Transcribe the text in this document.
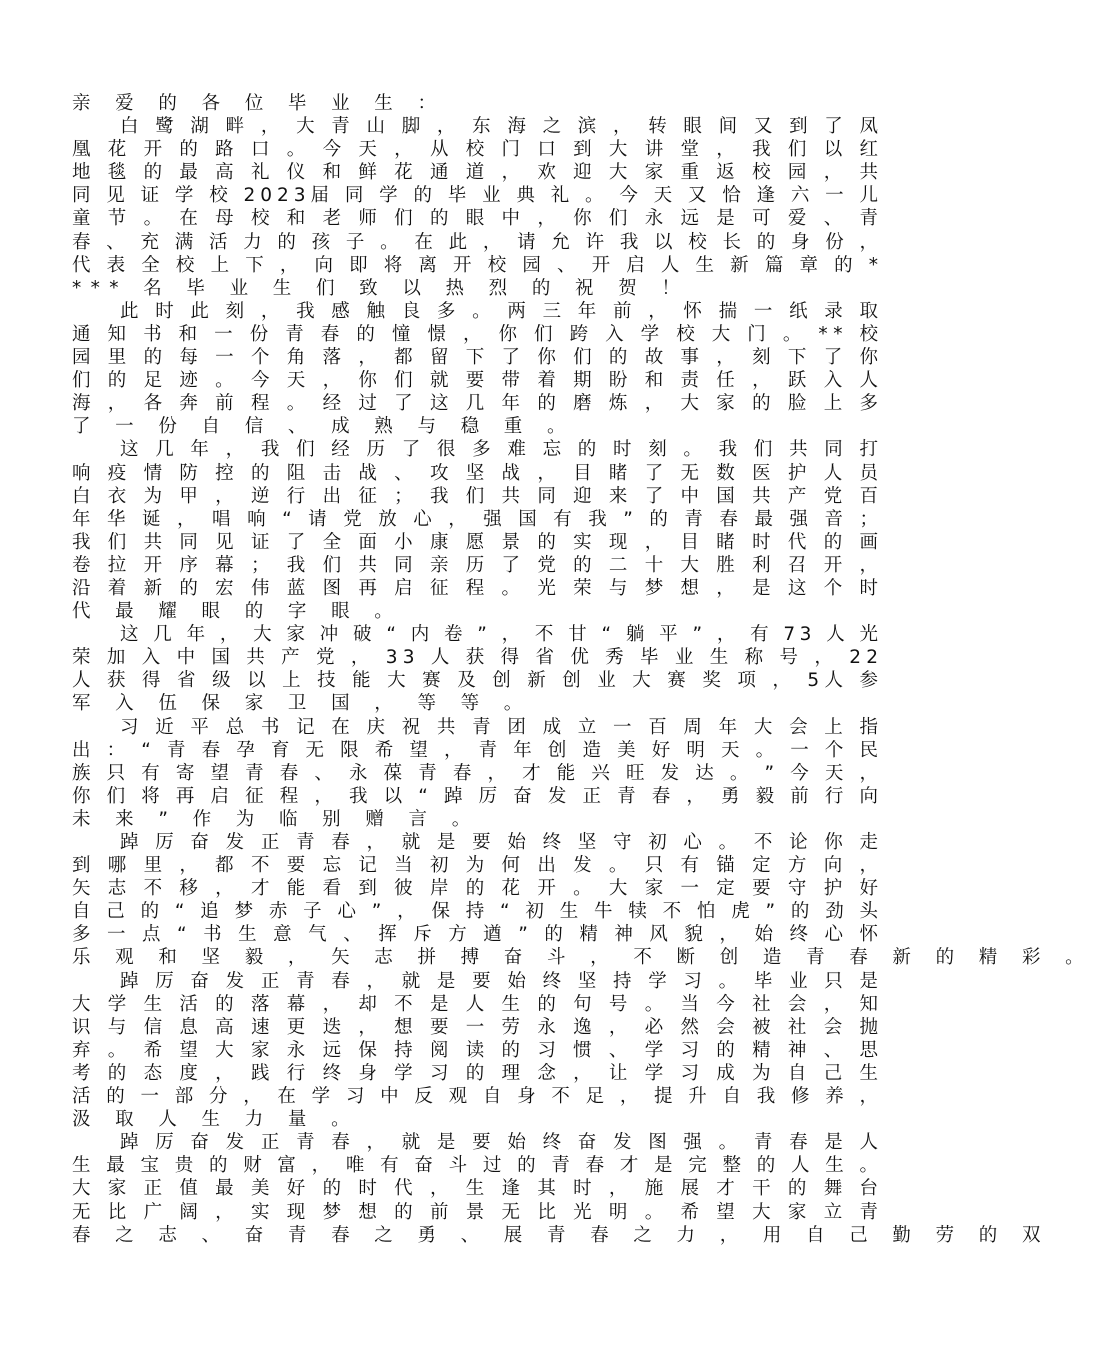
亲 爱 的 各 位 毕 业 生 ：
白 鹭 湖 畔 ， 大 青 山 脚 ， 东 海 之 滨 ， 转 眼 间 又 到 了 凤
凰 花 开 的 路 口 。 今 天 ， 从 校 门 口 到 大 讲 堂 ， 我 们 以 红
地 毯 的 最 高 礼 仪 和 鲜 花 通 道 ， 欢 迎 大 家 重 返 校 园 ， 共
同 见 证 学 校 2023届 同 学 的 毕 业 典 礼 。 今 天 又 恰 逢 六 一 儿
童 节 。 在 母 校 和 老 师 们 的 眼 中 ， 你 们 永 远 是 可 爱 、 青
春 、 充 满 活 力 的 孩 子 。 在 此 ， 请 允 许 我 以 校 长 的 身 份 ，
代 表 全 校 上 下 ， 向 即 将 离 开 校 园 、 开 启 人 生 新 篇 章 的 *
*** 名 毕 业 生 们 致 以 热 烈 的 祝 贺 ！
此 时 此 刻 ， 我 感 触 良 多 。 两 三 年 前 ， 怀 揣 一 纸 录 取
通 知 书 和 一 份 青 春 的 憧 憬 ， 你 们 跨 入 学 校 大 门 。 ** 校
园 里 的 每 一 个 角 落 ， 都 留 下 了 你 们 的 故 事 ， 刻 下 了 你
们 的 足 迹 。 今 天 ， 你 们 就 要 带 着 期 盼 和 责 任 ， 跃 入 人
海 ， 各 奔 前 程 。 经 过 了 这 几 年 的 磨 炼 ， 大 家 的 脸 上 多
了 一 份 自 信 、 成 熟 与 稳 重 。
这 几 年 ， 我 们 经 历 了 很 多 难 忘 的 时 刻 。 我 们 共 同 打
响 疫 情 防 控 的 阻 击 战 、 攻 坚 战 ， 目 睹 了 无 数 医 护 人 员
白 衣 为 甲 ， 逆 行 出 征 ； 我 们 共 同 迎 来 了 中 国 共 产 党 百
年 华 诞 ， 唱 响 “ 请 党 放 心 ， 强 国 有 我 ” 的 青 春 最 强 音 ；
我 们 共 同 见 证 了 全 面 小 康 愿 景 的 实 现 ， 目 睹 时 代 的 画
卷 拉 开 序 幕 ； 我 们 共 同 亲 历 了 党 的 二 十 大 胜 利 召 开 ，
沿 着 新 的 宏 伟 蓝 图 再 启 征 程 。 光 荣 与 梦 想 ， 是 这 个 时
代 最 耀 眼 的 字 眼 。
这 几 年 ， 大 家 冲 破 “ 内 卷 ” ， 不 甘 “ 躺 平 ” ， 有 73 人 光
荣 加 入 中 国 共 产 党 ， 33 人 获 得 省 优 秀 毕 业 生 称 号 ， 22
人 获 得 省 级 以 上 技 能 大 赛 及 创 新 创 业 大 赛 奖 项 ， 5人 参
军 入 伍 保 家 卫 国 ， 等 等 。
习 近 平 总 书 记 在 庆 祝 共 青 团 成 立 一 百 周 年 大 会 上 指
出 ： “ 青 春 孕 育 无 限 希 望 ， 青 年 创 造 美 好 明 天 。 一 个 民
族 只 有 寄 望 青 春 、 永 葆 青 春 ， 才 能 兴 旺 发 达 。 ” 今 天 ，
你 们 将 再 启 征 程 ， 我 以 “ 踔 厉 奋 发 正 青 春 ， 勇 毅 前 行 向
未 来 ” 作 为 临 别 赠 言 。
踔 厉 奋 发 正 青 春 ， 就 是 要 始 终 坚 守 初 心 。 不 论 你 走
到 哪 里 ， 都 不 要 忘 记 当 初 为 何 出 发 。 只 有 锚 定 方 向 ，
矢 志 不 移 ， 才 能 看 到 彼 岸 的 花 开 。 大 家 一 定 要 守 护 好
自 己 的 “ 追 梦 赤 子 心 ” ， 保 持 “ 初 生 牛 犊 不 怕 虎 ” 的 劲 头
多 一 点 “ 书 生 意 气 、 挥 斥 方 遒 ” 的 精 神 风 貌 ， 始 终 心 怀
乐 观 和 坚 毅 ， 矢 志 拼 搏 奋 斗 ， 不 断 创 造 青 春 新 的 精 彩 。
踔 厉 奋 发 正 青 春 ， 就 是 要 始 终 坚 持 学 习 。 毕 业 只 是
大 学 生 活 的 落 幕 ， 却 不 是 人 生 的 句 号 。 当 今 社 会 ， 知
识 与 信 息 高 速 更 迭 ， 想 要 一 劳 永 逸 ， 必 然 会 被 社 会 抛
弃 。 希 望 大 家 永 远 保 持 阅 读 的 习 惯 、 学 习 的 精 神 、 思
考 的 态 度 ， 践 行 终 身 学 习 的 理 念 ， 让 学 习 成 为 自 己 生
活 的 一 部 分 ， 在 学 习 中 反 观 自 身 不 足 ， 提 升 自 我 修 养 ，
汲 取 人 生 力 量 。
踔 厉 奋 发 正 青 春 ， 就 是 要 始 终 奋 发 图 强 。 青 春 是 人
生 最 宝 贵 的 财 富 ， 唯 有 奋 斗 过 的 青 春 才 是 完 整 的 人 生 。
大 家 正 值 最 美 好 的 时 代 ， 生 逢 其 时 ， 施 展 才 干 的 舞 台
无 比 广 阔 ， 实 现 梦 想 的 前 景 无 比 光 明 。 希 望 大 家 立 青
春 之 志 、 奋 青 春 之 勇 、 展 青 春 之 力 ， 用 自 己 勤 劳 的 双
